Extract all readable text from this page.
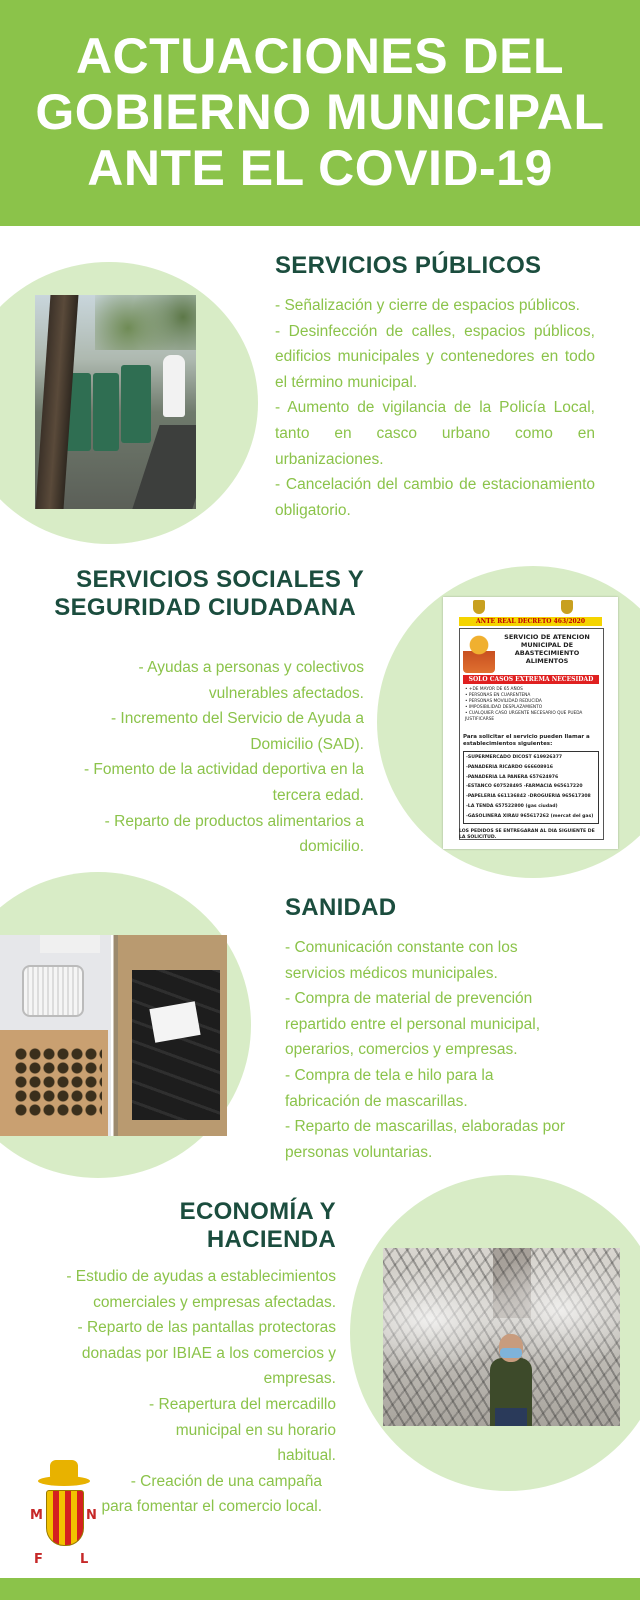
ACTUACIONES DEL
GOBIERNO MUNICIPAL
ANTE EL COVID-19
SERVICIOS PÚBLICOS
- Señalización y cierre de espacios públicos.
- Desinfección de calles, espacios públicos, edificios municipales y contenedores en todo el término municipal.
- Aumento de vigilancia de la Policía Local, tanto en casco urbano como en urbanizaciones.
- Cancelación del cambio de estacionamiento obligatorio.
SERVICIOS SOCIALES Y
SEGURIDAD CIUDADANA
- Ayudas a personas y colectivos vulnerables afectados.
- Incremento del Servicio de Ayuda a Domicilio (SAD).
- Fomento de la actividad deportiva en la tercera edad.
- Reparto de productos alimentarios a domicilio.
ANTE REAL DECRETO 463/2020
SERVICIO DE ATENCION
MUNICIPAL DE
ABASTECIMIENTO
ALIMENTOS
SOLO CASOS EXTREMA NECESIDAD
• +DE MAYOR DE 65 AÑOS
• PERSONAS EN CUARENTENA
• PERSONAS MOVILIDAD REDUCIDA
• IMPOSIBILIDAD DESPLAZAMIENTO
• CUALQUIER CASO URGENTE NECESARIO QUE PUEDA JUSTIFICARSE
Para solicitar el servicio pueden llamar a establecimientos siguientes:
-SUPERMERCADO DICOST 619926377
-PANADERIA RICARDO 666608916
-PANADERIA LA PANERA 657624976
-ESTANCO 607528495 -FARMACIA 965617220
-PAPELERIA 661136842 -DROGUERIA 965617308
-LA TENDA 657522800 (gas ciudad)
-GASOLINERA XIRAU 965617262 (mercat del gas)
LOS PEDIDOS SE ENTREGARAN AL DIA SIGUIENTE DE LA SOLICITUD.
SANIDAD
- Comunicación constante con los servicios médicos municipales.
- Compra de material de prevención repartido entre el personal municipal, operarios, comercios y empresas.
- Compra de tela e hilo para la fabricación de mascarillas.
- Reparto de mascarillas, elaboradas por personas voluntarias.
ECONOMÍA Y
HACIENDA
- Estudio de ayudas a establecimientos comerciales y empresas afectadas.
- Reparto de las pantallas protectoras donadas por IBIAE a los comercios y empresas.
- Reapertura del mercadillo municipal en su horario habitual.
- Creación de una campaña para fomentar el comercio local.
M	N
F	L
